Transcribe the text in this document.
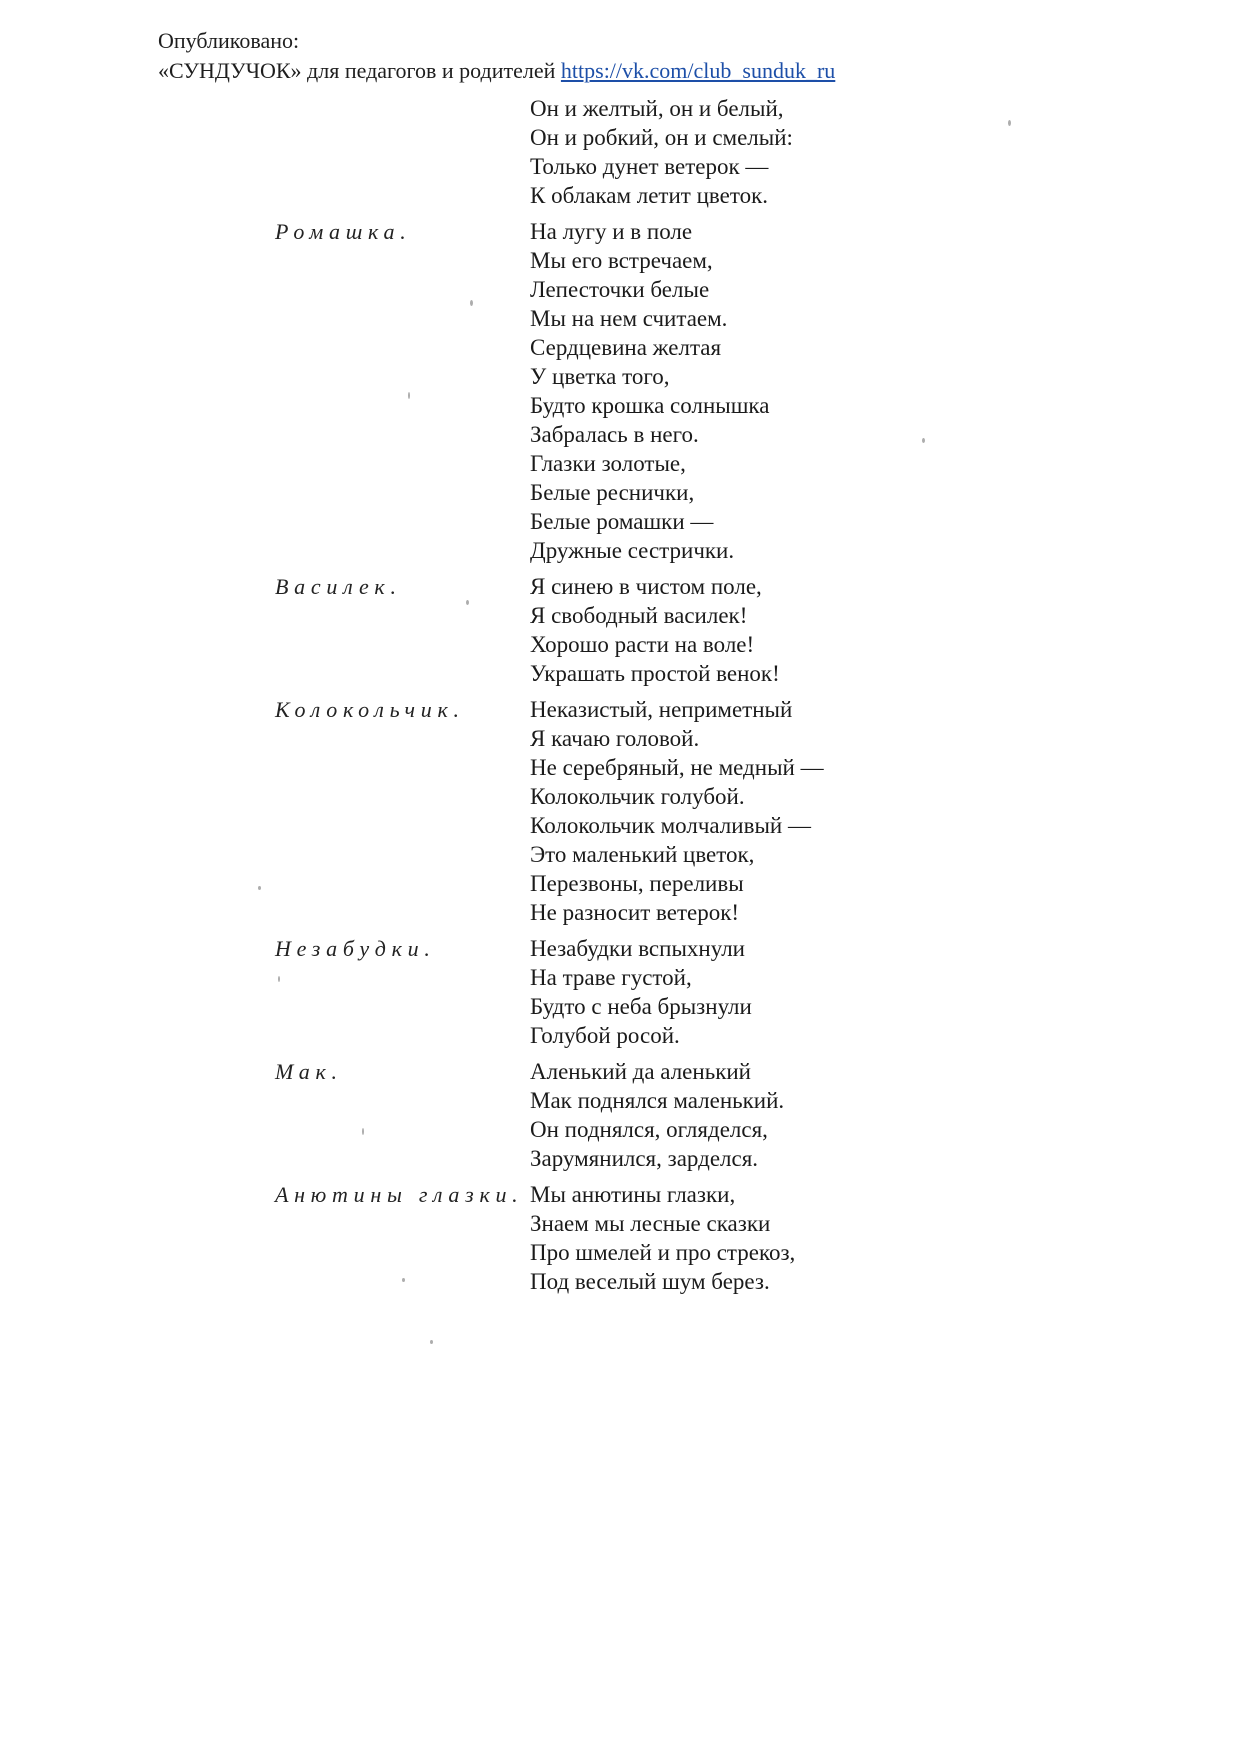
Опубликовано:
«СУНДУЧОК» для педагогов и родителей https://vk.com/club_sunduk_ru
Он и желтый, он и белый,
Он и робкий, он и смелый:
Только дунет ветерок —
К облакам летит цветок.
Ромашка.	На лугу и в поле
Мы его встречаем,
Лепесточки белые
Мы на нем считаем.
Сердцевина желтая
У цветка того,
Будто крошка солнышка
Забралась в него.
Глазки золотые,
Белые реснички,
Белые ромашки —
Дружные сестрички.
Василек.	Я синею в чистом поле,
Я свободный василек!
Хорошо расти на воле!
Украшать простой венок!
Колокольчик.	Неказистый, неприметный
Я качаю головой.
Не серебряный, не медный —
Колокольчик голубой.
Колокольчик молчаливый —
Это маленький цветок,
Перезвоны, переливы
Не разносит ветерок!
Незабудки.	Незабудки вспыхнули
На траве густой,
Будто с неба брызнули
Голубой росой.
Мак.	Аленький да аленький
Мак поднялся маленький.
Он поднялся, огляделся,
Зарумянился, зарделся.
Анютины глазки. Мы анютины глазки,
Знаем мы лесные сказки
Про шмелей и про стрекоз,
Под веселый шум берез.
